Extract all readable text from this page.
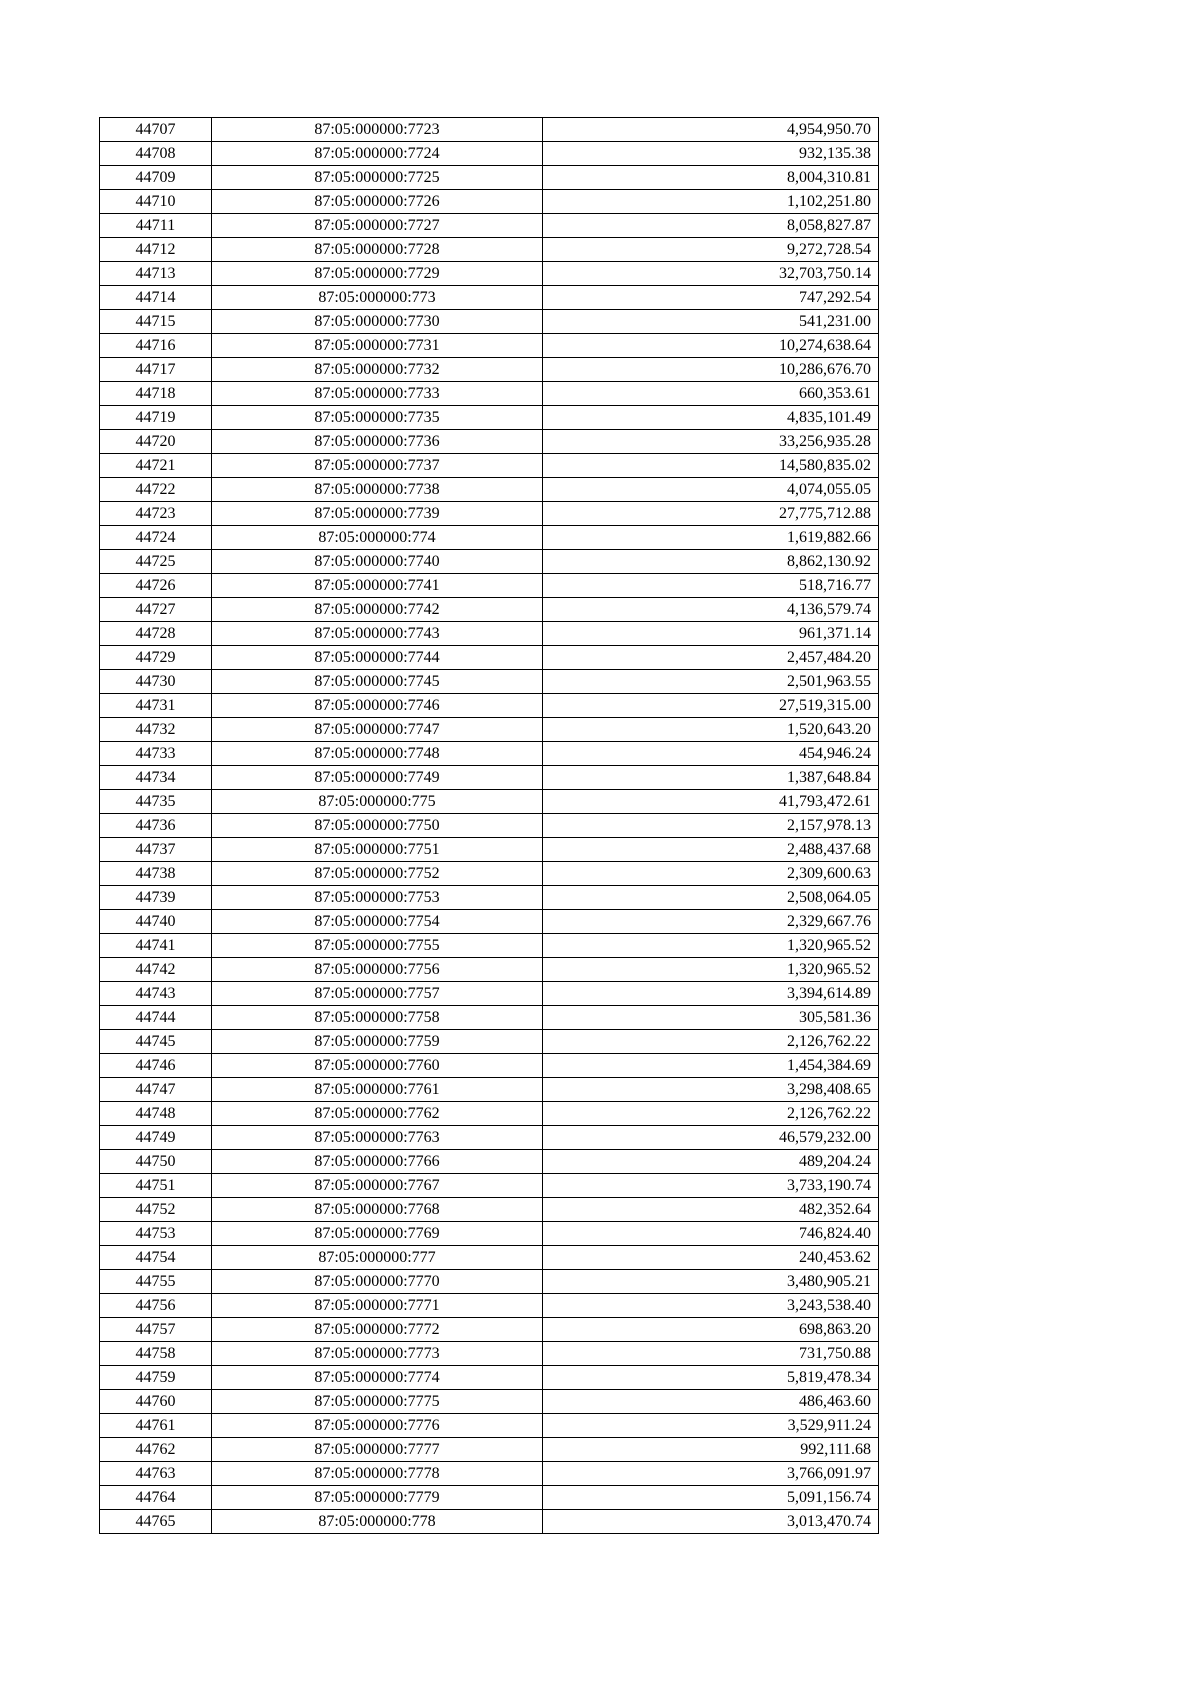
44707	87:05:000000:7723	4,954,950.70
44708	87:05:000000:7724	932,135.38
44709	87:05:000000:7725	8,004,310.81
44710	87:05:000000:7726	1,102,251.80
44711	87:05:000000:7727	8,058,827.87
44712	87:05:000000:7728	9,272,728.54
44713	87:05:000000:7729	32,703,750.14
44714	87:05:000000:773	747,292.54
44715	87:05:000000:7730	541,231.00
44716	87:05:000000:7731	10,274,638.64
44717	87:05:000000:7732	10,286,676.70
44718	87:05:000000:7733	660,353.61
44719	87:05:000000:7735	4,835,101.49
44720	87:05:000000:7736	33,256,935.28
44721	87:05:000000:7737	14,580,835.02
44722	87:05:000000:7738	4,074,055.05
44723	87:05:000000:7739	27,775,712.88
44724	87:05:000000:774	1,619,882.66
44725	87:05:000000:7740	8,862,130.92
44726	87:05:000000:7741	518,716.77
44727	87:05:000000:7742	4,136,579.74
44728	87:05:000000:7743	961,371.14
44729	87:05:000000:7744	2,457,484.20
44730	87:05:000000:7745	2,501,963.55
44731	87:05:000000:7746	27,519,315.00
44732	87:05:000000:7747	1,520,643.20
44733	87:05:000000:7748	454,946.24
44734	87:05:000000:7749	1,387,648.84
44735	87:05:000000:775	41,793,472.61
44736	87:05:000000:7750	2,157,978.13
44737	87:05:000000:7751	2,488,437.68
44738	87:05:000000:7752	2,309,600.63
44739	87:05:000000:7753	2,508,064.05
44740	87:05:000000:7754	2,329,667.76
44741	87:05:000000:7755	1,320,965.52
44742	87:05:000000:7756	1,320,965.52
44743	87:05:000000:7757	3,394,614.89
44744	87:05:000000:7758	305,581.36
44745	87:05:000000:7759	2,126,762.22
44746	87:05:000000:7760	1,454,384.69
44747	87:05:000000:7761	3,298,408.65
44748	87:05:000000:7762	2,126,762.22
44749	87:05:000000:7763	46,579,232.00
44750	87:05:000000:7766	489,204.24
44751	87:05:000000:7767	3,733,190.74
44752	87:05:000000:7768	482,352.64
44753	87:05:000000:7769	746,824.40
44754	87:05:000000:777	240,453.62
44755	87:05:000000:7770	3,480,905.21
44756	87:05:000000:7771	3,243,538.40
44757	87:05:000000:7772	698,863.20
44758	87:05:000000:7773	731,750.88
44759	87:05:000000:7774	5,819,478.34
44760	87:05:000000:7775	486,463.60
44761	87:05:000000:7776	3,529,911.24
44762	87:05:000000:7777	992,111.68
44763	87:05:000000:7778	3,766,091.97
44764	87:05:000000:7779	5,091,156.74
44765	87:05:000000:778	3,013,470.74
